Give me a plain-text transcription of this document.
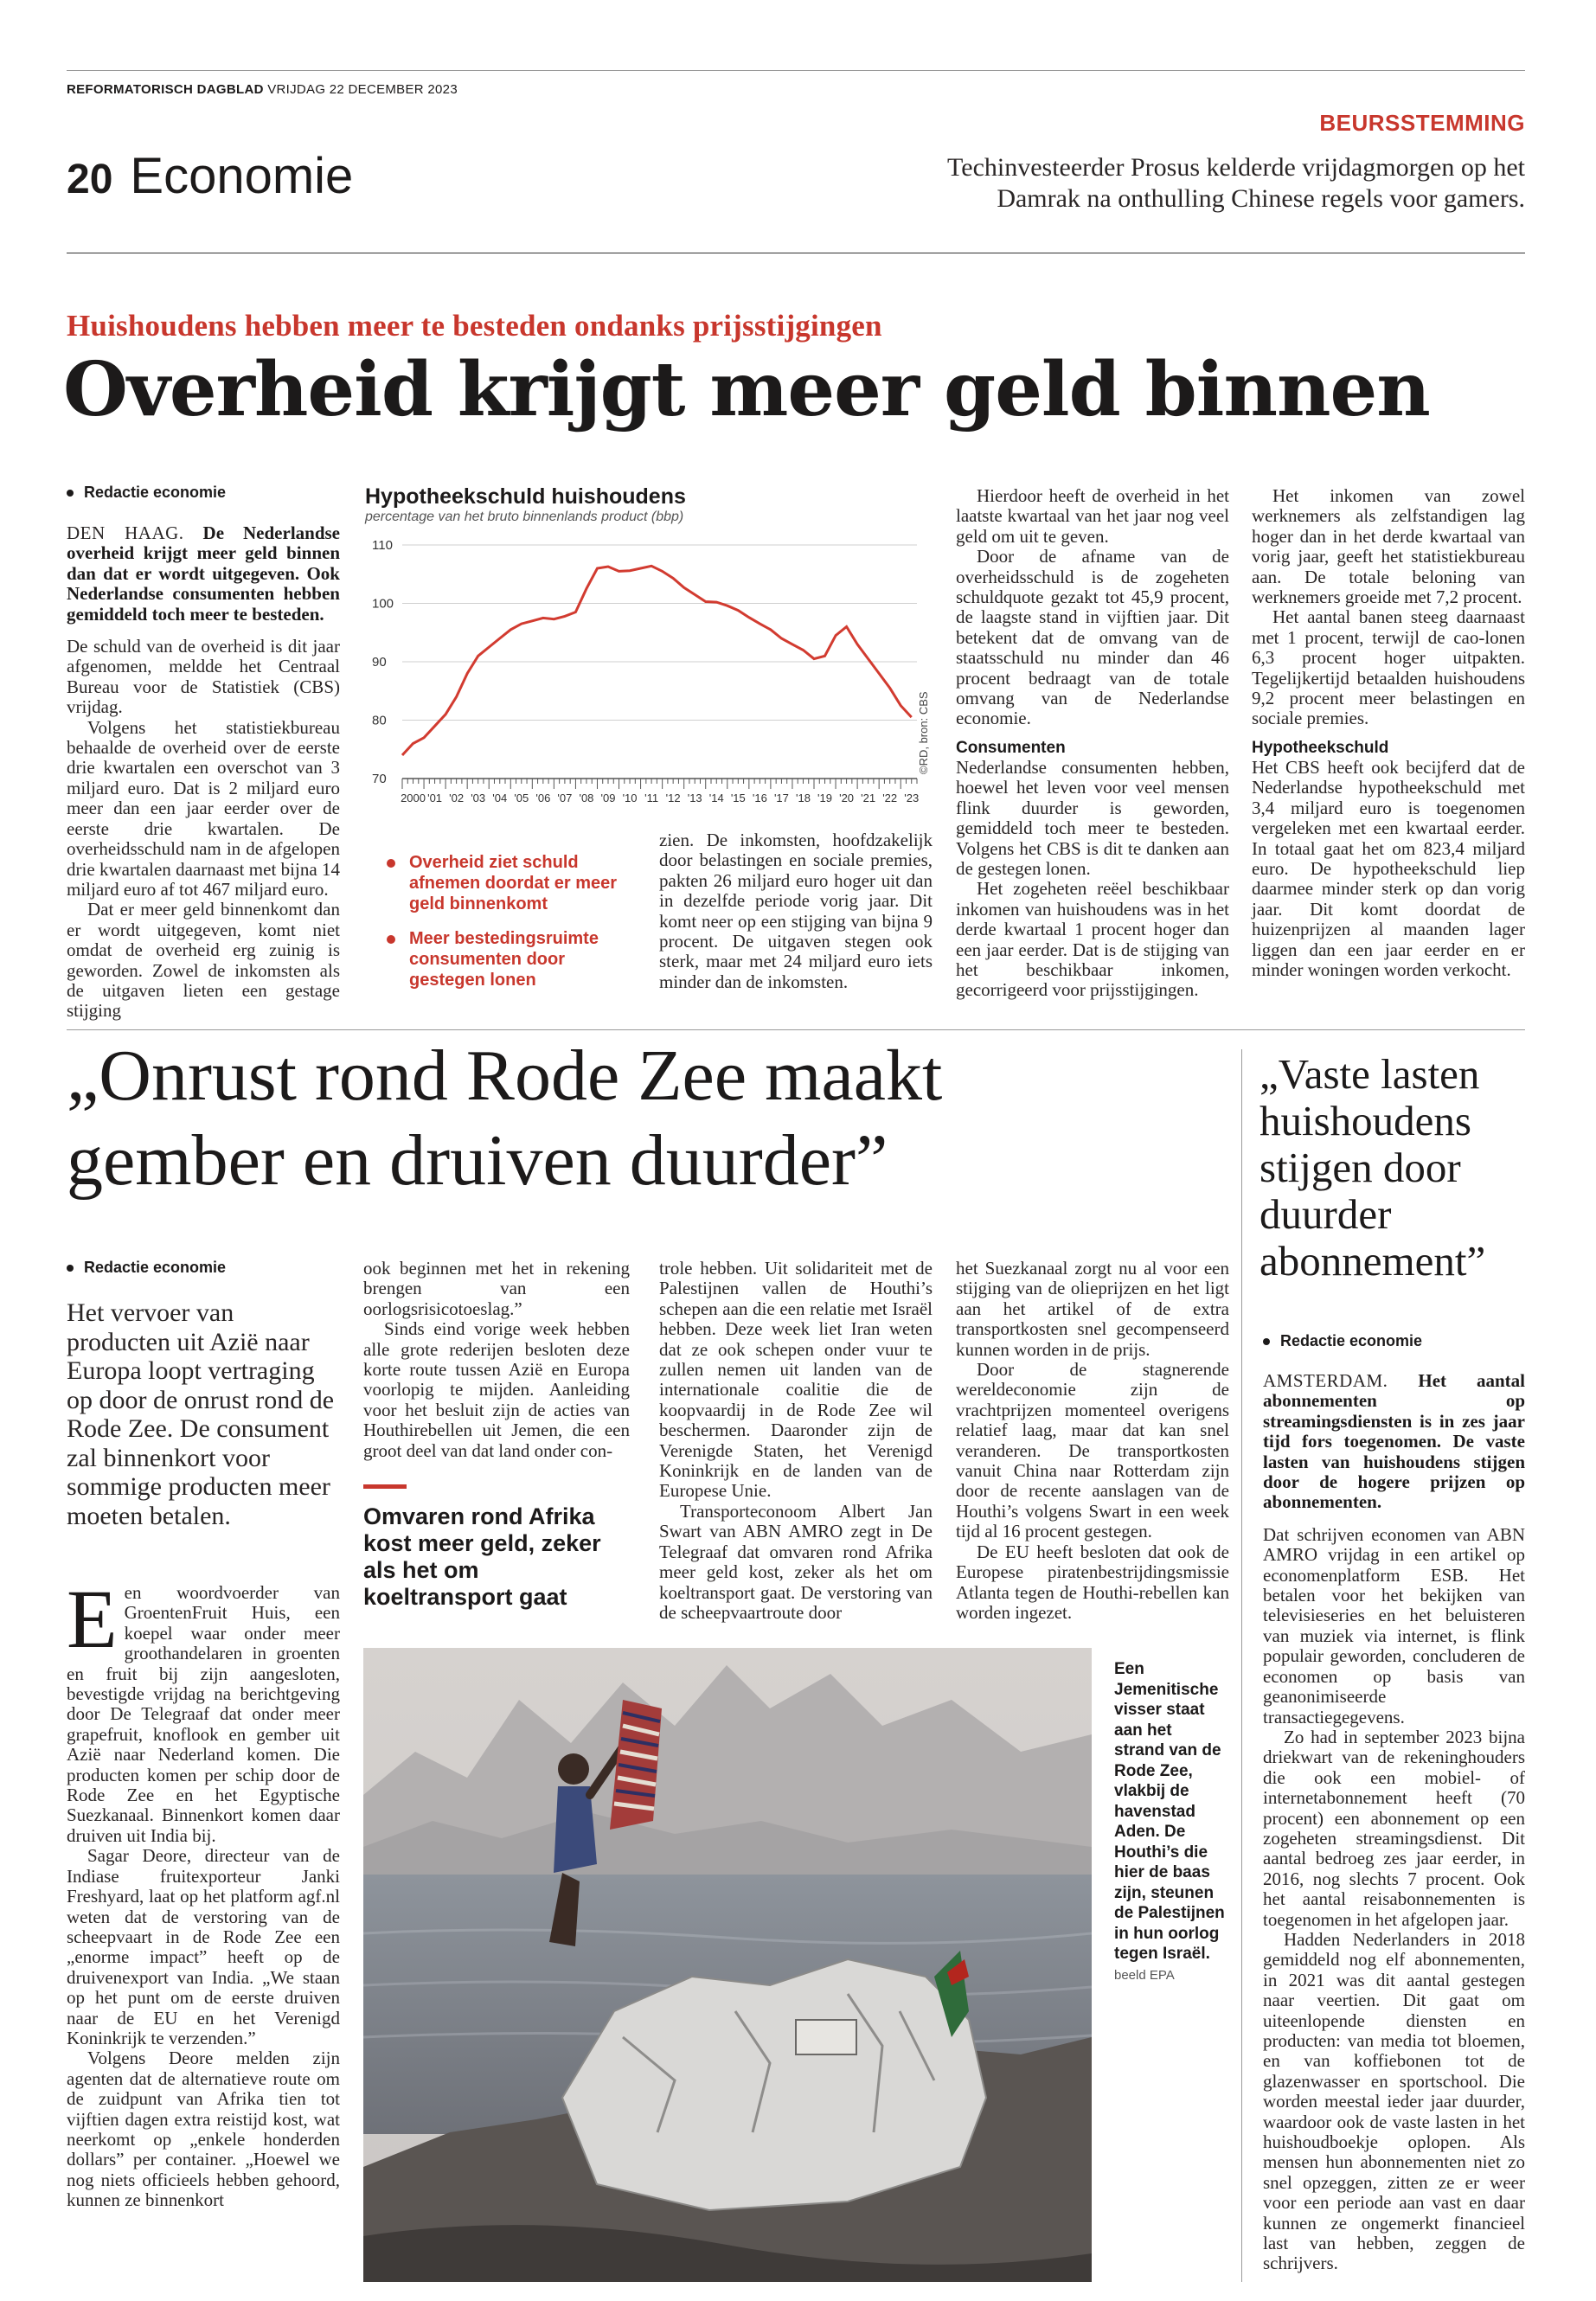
REFORMATORISCH DAGBLAD VRIJDAG 22 DECEMBER 2023
20 Economie
BEURSSTEMMING
Techinvesteerder Prosus kelderde vrijdagmorgen op het
Damrak na onthulling Chinese regels voor gamers.
Huishoudens hebben meer te besteden ondanks prijsstijgingen
Overheid krijgt meer geld binnen
Redactie economie

DEN HAAG. De Nederlandse overheid krijgt meer geld binnen dan dat er wordt uitgegeven. Ook Nederlandse consumenten hebben gemiddeld toch meer te besteden.

De schuld van de overheid is dit jaar afgenomen, meldde het Centraal Bureau voor de Statistiek (CBS) vrijdag.

Volgens het statistiekbureau behaalde de overheid over de eerste drie kwartalen een overschot van 3 miljard euro. Dat is 2 miljard euro meer dan een jaar eerder over de eerste drie kwartalen. De overheidsschuld nam in de afgelopen drie kwartalen daarnaast met bijna 14 miljard euro af tot 467 miljard euro.

Dat er meer geld binnenkomt dan er wordt uitgegeven, komt niet omdat de overheid erg zuinig is geworden. Zowel de inkomsten als de uitgaven lieten een gestage stijging

Hypotheekschuld huishoudens
percentage van het bruto binnenlands product (bbp)
110
100
90
80
70
2000 '01 '02 '03 '04 '05 '06 '07 '08 '09 '10 '11 '12 '13 '14 '15 '16 '17 '18 '19 '20 '21 '22 '23
©RD, bron: CBS
Overheid ziet schuld afnemen doordat er meer geld binnenkomt
Meer bestedingsruimte consumenten door gestegen lonen

zien. De inkomsten, hoofdzakelijk door belastingen en sociale premies, pakten 26 miljard euro hoger uit dan in dezelfde periode vorig jaar. Dit komt neer op een stijging van bijna 9 procent. De uitgaven stegen ook sterk, maar met 24 miljard euro iets minder dan de inkomsten.

Hierdoor heeft de overheid in het laatste kwartaal van het jaar nog veel geld om uit te geven.

Door de afname van de overheidsschuld is de zogeheten schuldquote gezakt tot 45,9 procent, de laagste stand in vijftien jaar. Dit betekent dat de omvang van de staatsschuld nu minder dan 46 procent bedraagt van de totale omvang van de Nederlandse economie.

Consumenten

Nederlandse consumenten hebben, hoewel het leven voor veel mensen flink duurder is geworden, gemiddeld toch meer te besteden. Volgens het CBS is dit te danken aan de gestegen lonen.

Het zogeheten reëel beschikbaar inkomen van huishoudens was in het derde kwartaal 1 procent hoger dan een jaar eerder. Dat is de stijging van het beschikbaar inkomen, gecorrigeerd voor prijsstijgingen.

Het inkomen van zowel werknemers als zelfstandigen lag hoger dan in het derde kwartaal van vorig jaar, geeft het statistiekbureau aan. De totale beloning van werknemers groeide met 7,2 procent.

Het aantal banen steeg daarnaast met 1 procent, terwijl de cao-lonen 6,3 procent hoger uitpakten. Tegelijkertijd betaalden huishoudens 9,2 procent meer belastingen en sociale premies.

Hypotheekschuld

Het CBS heeft ook becijferd dat de Nederlandse hypotheekschuld met 3,4 miljard euro is toegenomen vergeleken met een kwartaal eerder. In totaal gaat het om 823,4 miljard euro. De hypotheekschuld liep daarmee minder sterk op dan vorig jaar. Dit komt doordat de huizenprijzen al maanden lager liggen dan een jaar eerder en er minder woningen worden verkocht.

„Onrust rond Rode Zee maakt
gember en druiven duurder”
Redactie economie
Het vervoer van producten uit Azië naar Europa loopt vertraging op door de onrust rond de Rode Zee. De consument zal binnenkort voor sommige producten meer moeten betalen.

Een woordvoerder van GroentenFruit Huis, een koepel waar onder meer groothandelaren in groenten en fruit bij zijn aangesloten, bevestigde vrijdag na berichtgeving door De Telegraaf dat onder meer grapefruit, knoflook en gember uit Azië naar Nederland komen. Die producten komen per schip door de Rode Zee en het Egyptische Suezkanaal. Binnenkort komen daar druiven uit India bij.

Sagar Deore, directeur van de Indiase fruitexporteur Janki Freshyard, laat op het platform agf.nl weten dat de verstoring van de scheepvaart in de Rode Zee een „enorme impact” heeft op de druivenexport van India. „We staan op het punt om de eerste druiven naar de EU en het Verenigd Koninkrijk te verzenden.”

Volgens Deore melden zijn agenten dat de alternatieve route om de zuidpunt van Afrika tien tot vijftien dagen extra reistijd kost, wat neerkomt op „enkele honderden dollars” per container. „Hoewel we nog niets officieels hebben gehoord, kunnen ze binnenkort

ook beginnen met het in rekening brengen van een oorlogsrisicotoeslag.”

Sinds eind vorige week hebben alle grote rederijen besloten deze korte route tussen Azië en Europa voorlopig te mijden. Aanleiding voor het besluit zijn de acties van Houthirebellen uit Jemen, die een groot deel van dat land onder con-

Omvaren rond Afrika kost meer geld, zeker als het om koeltransport gaat

trole hebben. Uit solidariteit met de Palestijnen vallen de Houthi’s schepen aan die een relatie met Israël hebben. Deze week liet Iran weten dat ze ook schepen onder vuur te zullen nemen uit landen van de internationale coalitie die de koopvaardij in de Rode Zee wil beschermen. Daaronder zijn de Verenigde Staten, het Verenigd Koninkrijk en de landen van de Europese Unie.

Transporteconoom Albert Jan Swart van ABN AMRO zegt in De Telegraaf dat omvaren rond Afrika meer geld kost, zeker als het om koeltransport gaat. De verstoring van de scheepvaartroute door

het Suezkanaal zorgt nu al voor een stijging van de olieprijzen en het ligt aan het artikel of de extra transportkosten snel gecompenseerd kunnen worden in de prijs.

Door de stagnerende wereldeconomie zijn de vrachtprijzen momenteel overigens relatief laag, maar dat kan snel veranderen. De transportkosten vanuit China naar Rotterdam zijn door de recente aanslagen van de Houthi’s volgens Swart in een week tijd al 16 procent gestegen.

De EU heeft besloten dat ook de Europese piratenbestrijdingsmissie Atlanta tegen de Houthi-rebellen kan worden ingezet.

Een Jemenitische visser staat aan het strand van de Rode Zee, vlakbij de havenstad Aden. De Houthi’s die hier de baas zijn, steunen de Palestijnen in hun oorlog tegen Israël. beeld EPA
„Vaste lasten huishoudens stijgen door duurder abonnement”
Redactie economie

AMSTERDAM. Het aantal abonnementen op streamingsdiensten is in zes jaar tijd fors toegenomen. De vaste lasten van huishoudens stijgen door de hogere prijzen op abonnementen.

Dat schrijven economen van ABN AMRO vrijdag in een artikel op economenplatform ESB. Het betalen voor het bekijken van televisieseries en het beluisteren van muziek via internet, is flink populair geworden, concluderen de economen op basis van geanonimiseerde transactiegegevens.

Zo had in september 2023 bijna driekwart van de rekeninghouders die ook een mobiel- of internetabonnement heeft (70 procent) een abonnement op een zogeheten streamingsdienst. Dit aantal bedroeg zes jaar eerder, in 2016, nog slechts 7 procent. Ook het aantal reisabonnementen is toegenomen in het afgelopen jaar.

Hadden Nederlanders in 2018 gemiddeld nog elf abonnementen, in 2021 was dit aantal gestegen naar veertien. Dit gaat om uiteenlopende diensten en producten: van media tot bloemen, en van koffiebonen tot de glazenwasser en sportschool. Die worden meestal ieder jaar duurder, waardoor ook de vaste lasten in het huishoudboekje oplopen. Als mensen hun abonnementen niet zo snel opzeggen, zitten ze er weer voor een periode aan vast en daar kunnen ze ongemerkt financieel last van hebben, zeggen de schrijvers.
